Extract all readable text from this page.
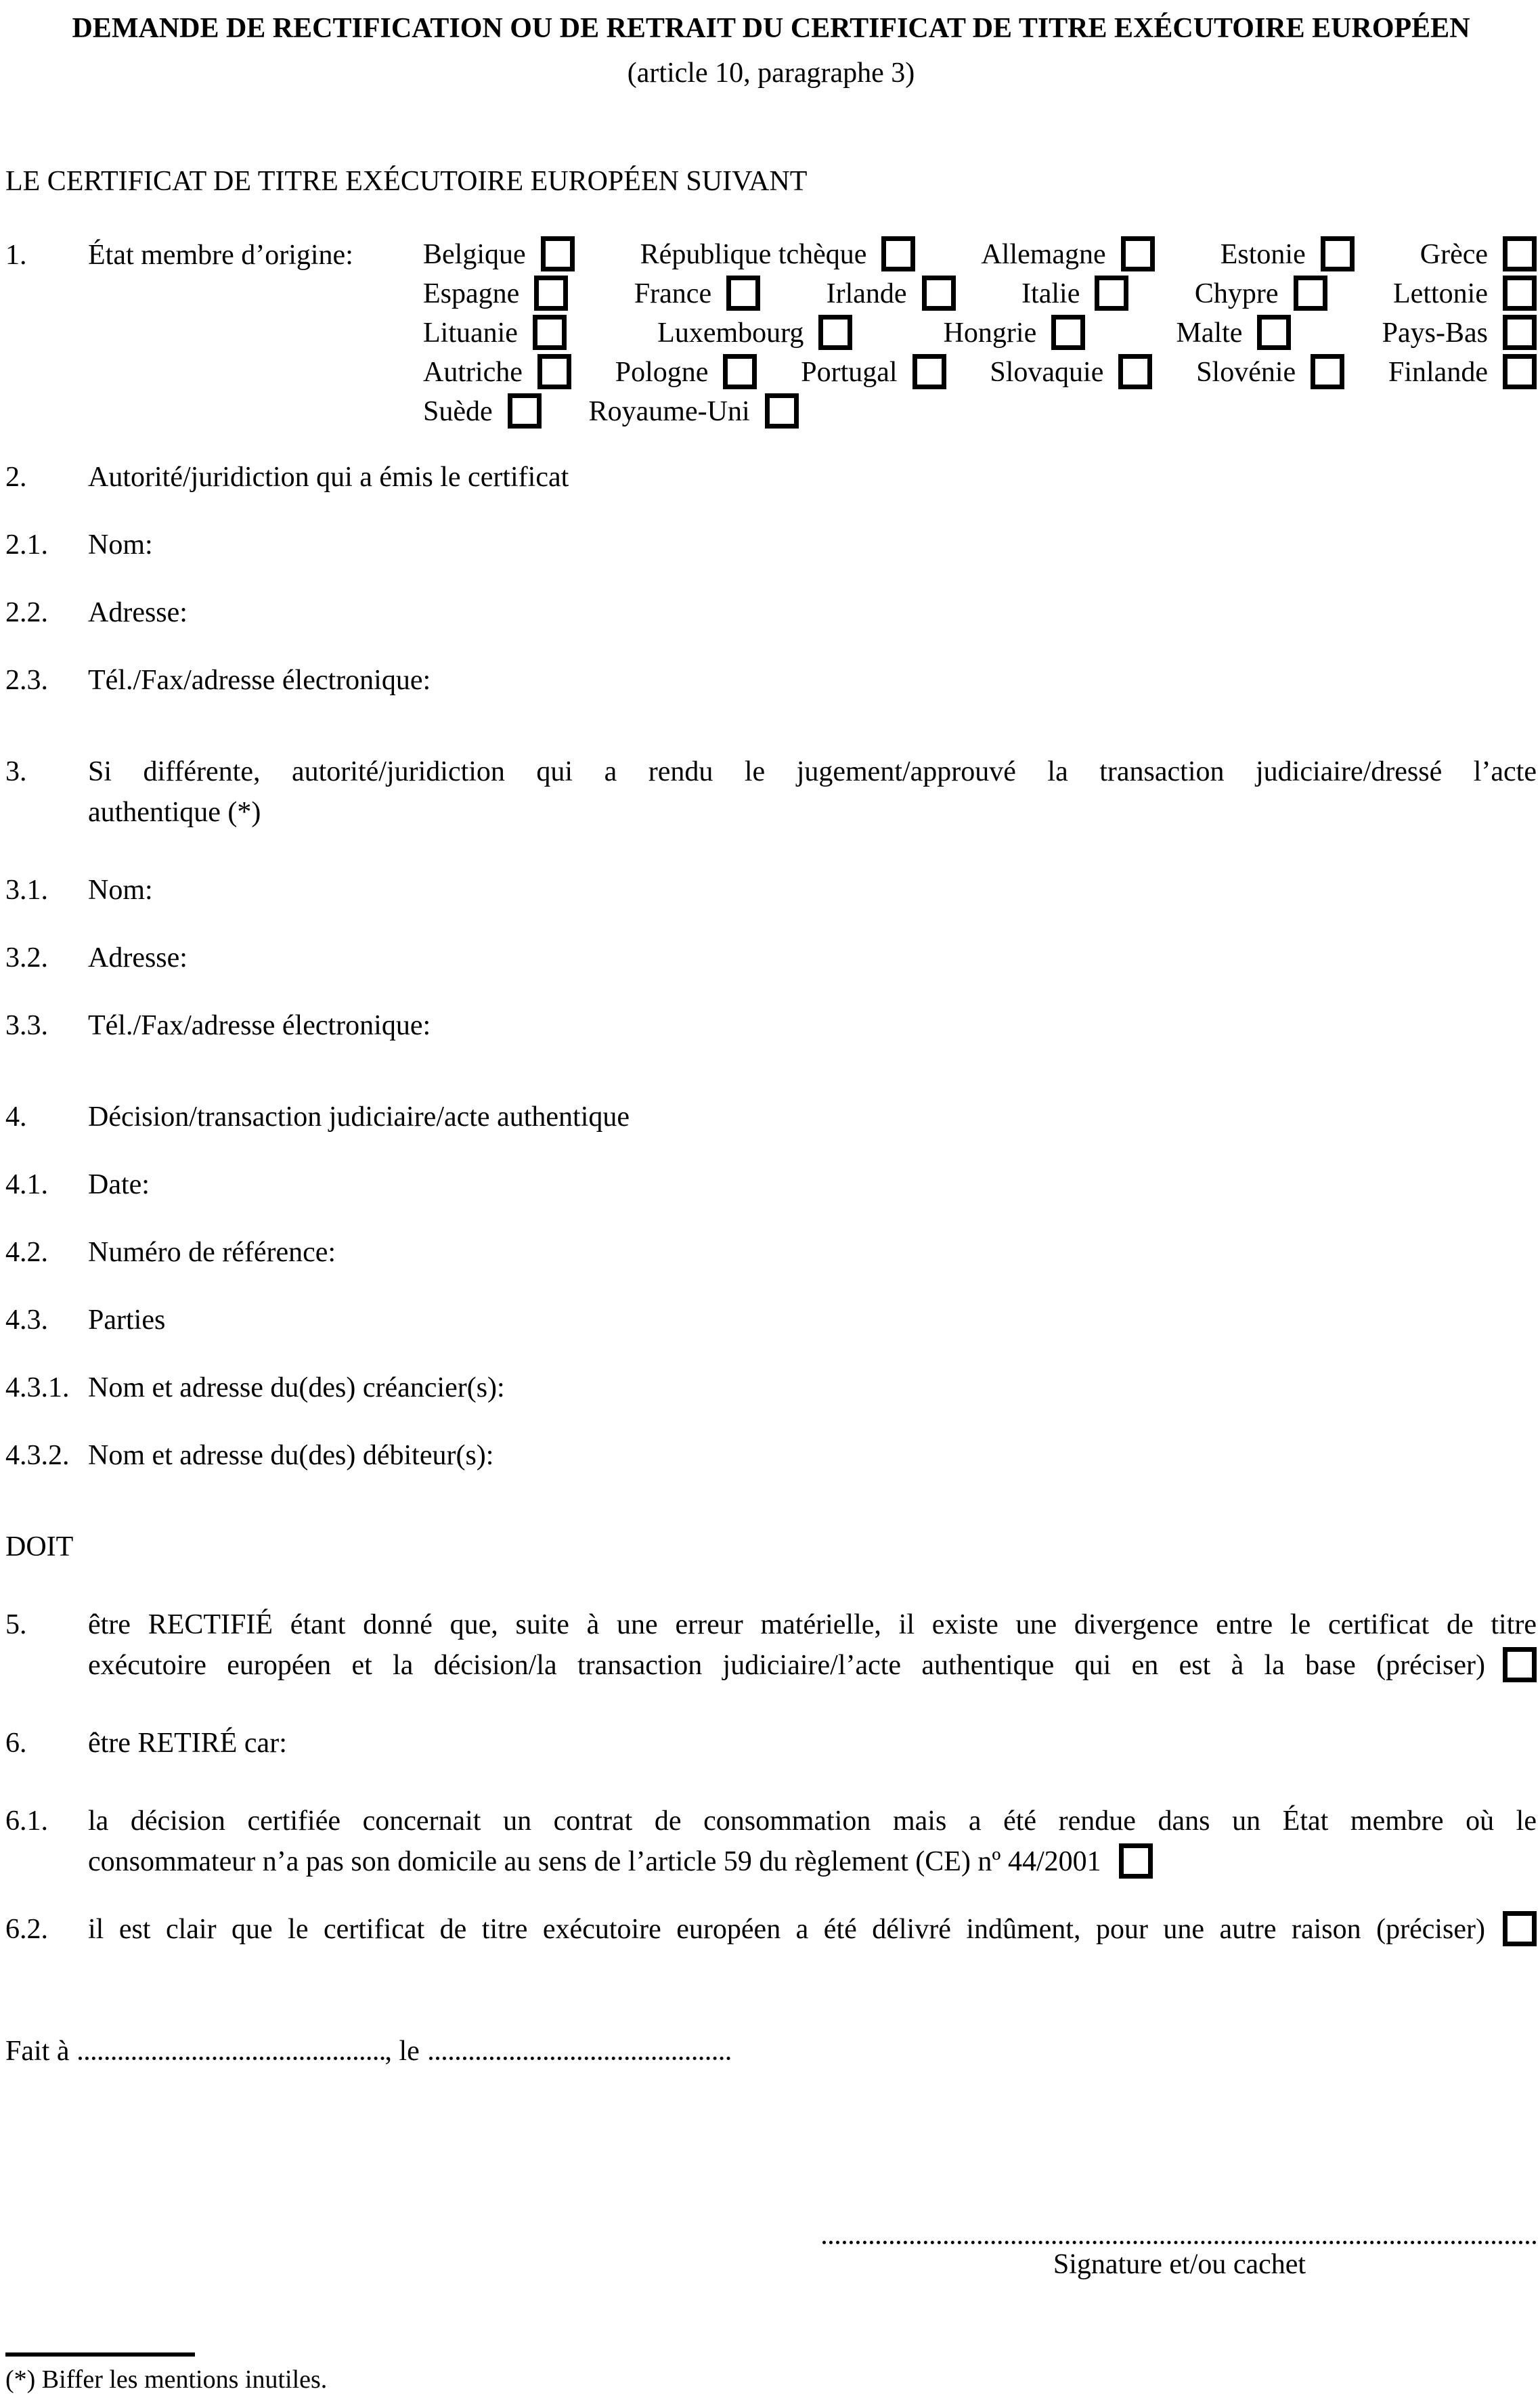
DEMANDE DE RECTIFICATION OU DE RETRAIT DU CERTIFICAT DE TITRE EXÉCUTOIRE EUROPÉEN
(article 10, paragraphe 3)
LE CERTIFICAT DE TITRE EXÉCUTOIRE EUROPÉEN SUIVANT
1.	État membre d’origine:	Belgique	République tchèque	Allemagne	Estonie	Grèce
Espagne	France	Irlande	Italie	Chypre	Lettonie
Lituanie	Luxembourg	Hongrie	Malte	Pays-Bas
Autriche	Pologne	Portugal	Slovaquie	Slovénie	Finlande
Suède	Royaume-Uni
2.	Autorité/juridiction qui a émis le certificat
2.1.	Nom:
2.2.	Adresse:
2.3.	Tél./Fax/adresse électronique:
3.	Si différente, autorité/juridiction qui a rendu le jugement/approuvé la transaction judiciaire/dressé l’acte
authentique (*)
3.1.	Nom:
3.2.	Adresse:
3.3.	Tél./Fax/adresse électronique:
4.	Décision/transaction judiciaire/acte authentique
4.1.	Date:
4.2.	Numéro de référence:
4.3.	Parties
4.3.1. Nom et adresse du(des) créancier(s):
4.3.2. Nom et adresse du(des) débiteur(s):
DOIT
5.	être RECTIFIÉ étant donné que, suite à une erreur matérielle, il existe une divergence entre le certificat de titre
exécutoire européen et la décision/la transaction judiciaire/l’acte authentique qui en est à la base (préciser)
6.	être RETIRÉ car:
6.1.	la décision certifiée concernait un contrat de consommation mais a été rendue dans un État membre où le
consommateur n’a pas son domicile au sens de l’article 59 du règlement (CE) nº 44/2001
6.2.	il est clair que le certificat de titre exécutoire européen a été délivré indûment, pour une autre raison (préciser)
Fait à	, le
Signature et/ou cachet
(*) Biffer les mentions inutiles.
